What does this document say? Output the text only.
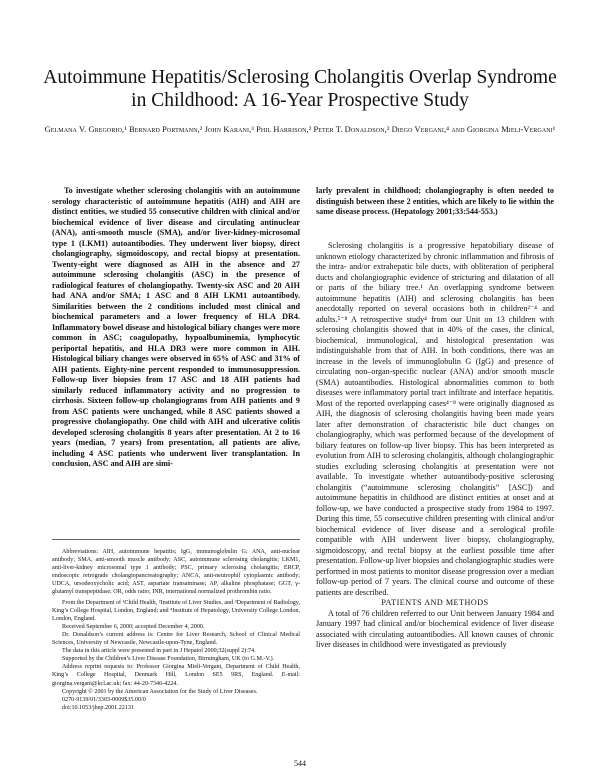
Autoimmune Hepatitis/Sclerosing Cholangitis Overlap Syndrome in Childhood: A 16-Year Prospective Study
Gelmana V. Gregorio,¹ Bernard Portmann,² John Karani,³ Phil Harrison,² Peter T. Donaldson,² Diego Vergani,⁴ and Giorgina Mieli-Vergani¹

To investigate whether sclerosing cholangitis with an autoimmune serology characteristic of autoimmune hepatitis (AIH) and AIH are distinct entities, we studied 55 consecutive children with clinical and/or biochemical evidence of liver disease and circulating antinuclear (ANA), anti-smooth muscle (SMA), and/or liver-kidney-microsomal type 1 (LKM1) autoantibodies. They underwent liver biopsy, direct cholangiography, sigmoidoscopy, and rectal biopsy at presentation. Twenty-eight were diagnosed as AIH in the absence and 27 autoimmune sclerosing cholangitis (ASC) in the presence of radiological features of cholangiopathy. Twenty-six ASC and 20 AIH had ANA and/or SMA; 1 ASC and 8 AIH LKM1 autoantibody. Similarities between the 2 conditions included most clinical and biochemical parameters and a lower frequency of HLA DR4. Inflammatory bowel disease and histological biliary changes were more common in ASC; coagulopathy, hypoalbuminemia, lymphocytic periportal hepatitis, and HLA DR3 were more common in AIH. Histological biliary changes were observed in 65% of ASC and 31% of AIH patients. Eighty-nine percent responded to immunosuppression. Follow-up liver biopsies from 17 ASC and 18 AIH patients had similarly reduced inflammatory activity and no progression to cirrhosis. Sixteen follow-up cholangiograms from AIH patients and 9 from ASC patients were unchanged, while 8 ASC patients showed a progressive cholangiopathy. One child with AIH and ulcerative colitis developed sclerosing cholangitis 8 years after presentation. At 2 to 16 years (median, 7 years) from presentation, all patients are alive, including 4 ASC patients who underwent liver transplantation. In conclusion, ASC and AIH are simi-

larly prevalent in childhood; cholangiography is often needed to distinguish between these 2 entities, which are likely to lie within the same disease process. (Hepatology 2001;33:544-553.)

Sclerosing cholangitis is a progressive hepatobiliary disease of unknown etiology characterized by chronic inflammation and fibrosis of the intra- and/or extrahepatic bile ducts, with obliteration of peripheral ducts and cholangiographic evidence of stricturing and dilatation of all or parts of the biliary tree.¹ An overlapping syndrome between autoimmune hepatitis (AIH) and sclerosing cholangitis has been anecdotally reported on several occasions both in children²⁻⁴ and adults.⁵⁻⁸ A retrospective study⁴ from our Unit on 13 children with sclerosing cholangitis showed that in 40% of the cases, the clinical, biochemical, immunological, and histological presentation was indistinguishable from that of AIH. In both conditions, there was an increase in the levels of immunoglobulin G (IgG) and presence of circulating non–organ-specific nuclear (ANA) and/or smooth muscle (SMA) autoantibodies. Histological abnormalities common to both diseases were inflammatory portal tract infiltrate and interface hepatitis. Most of the reported overlapping cases⁴⁻⁸ were originally diagnosed as AIH, the diagnosis of sclerosing cholangitis having been made years later after demonstration of characteristic bile duct changes on cholangiography, which was performed because of the development of biliary features on follow-up liver biopsy. This has been interpreted as evolution from AIH to sclerosing cholangitis, although cholangiographic studies excluding sclerosing cholangitis at presentation were not available. To investigate whether autoantibody-positive sclerosing cholangitis (“autoimmune sclerosing cholangitis” [ASC]) and autoimmune hepatitis in childhood are distinct entities at onset and at follow-up, we have conducted a prospective study from 1984 to 1997. During this time, 55 consecutive children presenting with clinical and/or biochemical evidence of liver disease and a serological profile compatible with AIH underwent liver biopsy, cholangiography, sigmoidoscopy, and rectal biopsy at the earliest possible time after presentation. Follow-up liver biopsies and cholangiographic studies were performed in most patients to monitor disease progression over a median follow-up period of 7 years. The clinical course and outcome of these patients are described.

PATIENTS AND METHODS

A total of 76 children referred to our Unit between January 1984 and January 1997 had clinical and/or biochemical evidence of liver disease associated with circulating autoantibodies. All known causes of chronic liver diseases in childhood were investigated as previously

Abbreviations: AIH, autoimmune hepatitis; IgG, immunoglobulin G; ANA, anti-nuclear antibody; SMA, anti-smooth muscle antibody; ASC, autoimmune sclerosing cholangitis; LKM1, anti-liver-kidney microsomal type 1 antibody; PSC, primary sclerosing cholangitis; ERCP, endoscopic retrograde cholangiopancreatography; ANCA, anti-neutrophil cytoplasmic antibody; UDCA, ursodeoxycholic acid; AST, aspartate transaminase; AP, alkaline phosphatase; GGT, γ-glutamyl transpeptidase; OR, odds ratio; INR, international normalized prothrombin ratio.

From the Department of ¹Child Health, ²Institute of Liver Studies, and ³Department of Radiology, King’s College Hospital, London, England; and ⁴Institute of Hepatology, University College London, London, England.

Received September 6, 2000; accepted December 4, 2000.

Dr. Donaldson’s current address is: Centre for Liver Research, School of Clinical Medical Sciences, University of Newcastle, Newcastle-upon-Tyne, England.

The data in this article were presented in part in J Hepatol 2000;32(suppl 2):74.

Supported by the Children’s Liver Disease Foundation, Birmingham, UK (to G.M.-V.).

Address reprint requests to: Professor Giorgina Mieli-Vergani, Department of Child Health, King’s College Hospital, Denmark Hill, London SE5 9RS, England. E-mail: giorgina.vergani@kcl.ac.uk; fax: 44-20-7346-4224.

Copyright © 2001 by the American Association for the Study of Liver Diseases.

0270-9139/01/3303-0009$35.00/0

doi:10.1053/jhep.2001.22131

544
